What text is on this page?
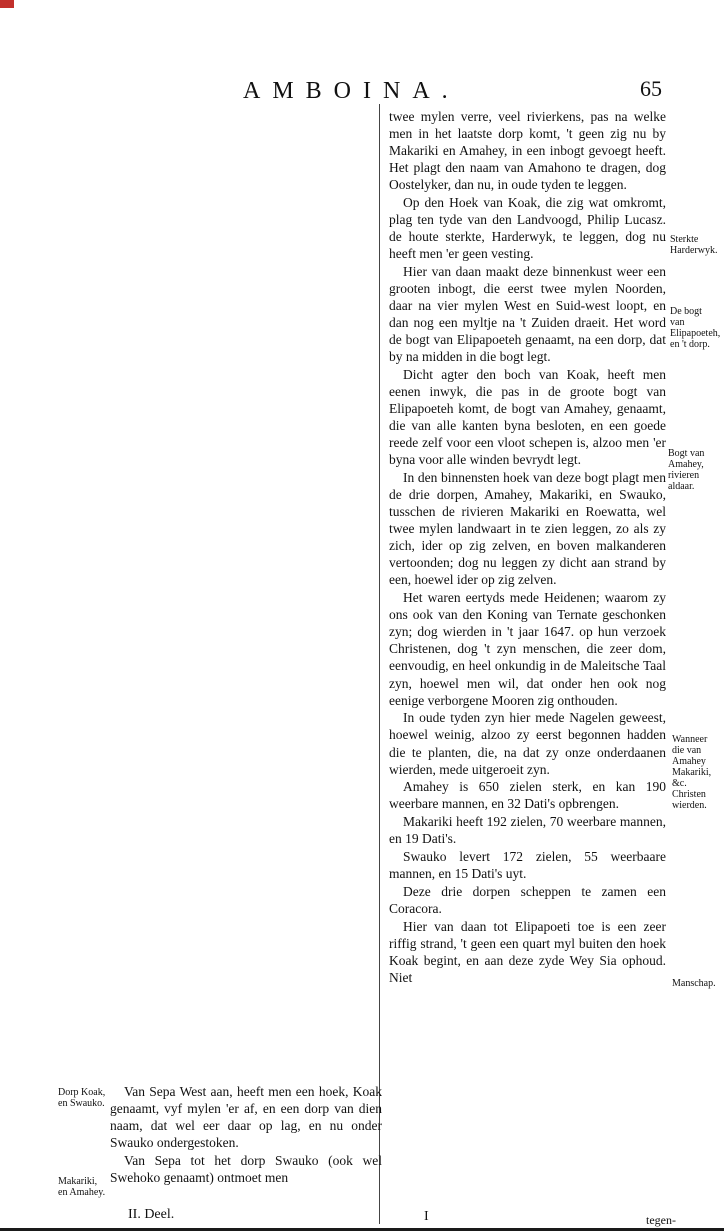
AMBOINA.	65

twee mylen verre, veel rivierkens, pas na welke men in het laatste dorp komt, 't geen zig nu by Makariki en Amahey, in een inbogt gevoegt heeft. Het plagt den naam van Amahono te dragen, dog Oostelyker, dan nu, in oude tyden te leggen.

Op den Hoek van Koak, die zig wat omkromt, plag ten tyde van den Landvoogd, Philip Lucasz. de houte sterkte, Harderwyk, te leggen, dog nu heeft men 'er geen vesting.

Hier van daan maakt deze binnenkust weer een grooten inbogt, die eerst twee mylen Noorden, daar na vier mylen West en Suid-west loopt, en dan nog een myltje na 't Zuiden draeit. Het word de bogt van Elipapoeteh genaamt, na een dorp, dat by na midden in die bogt legt.

Dicht agter den boch van Koak, heeft men eenen inwyk, die pas in de groote bogt van Elipapoeteh komt, de bogt van Amahey, genaamt, die van alle kanten byna besloten, en een goede reede zelf voor een vloot schepen is, alzoo men 'er byna voor alle winden bevrydt legt.

In den binnensten hoek van deze bogt plagt men de drie dorpen, Amahey, Makariki, en Swauko, tusschen de rivieren Makariki en Roewatta, wel twee mylen landwaart in te zien leggen, zo als zy zich, ider op zig zelven, en boven malkanderen vertoonden; dog nu leggen zy dicht aan strand by een, hoewel ider op zig zelven.

Het waren eertyds mede Heidenen; waarom zy ons ook van den Koning van Ternate geschonken zyn; dog wierden in 't jaar 1647. op hun verzoek Christenen, dog 't zyn menschen, die zeer dom, eenvoudig, en heel onkundig in de Maleitsche Taal zyn, hoewel men wil, dat onder hen ook nog eenige verborgene Mooren zig onthouden.

In oude tyden zyn hier mede Nagelen geweest, hoewel weinig, alzoo zy eerst begonnen hadden die te planten, die, na dat zy onze onderdaanen wierden, mede uitgeroeit zyn.

Amahey is 650 zielen sterk, en kan 190 weerbare mannen, en 32 Dati's opbrengen.

Makariki heeft 192 zielen, 70 weerbare mannen, en 19 Dati's.

Swauko levert 172 zielen, 55 weerbaare mannen, en 15 Dati's uyt.

Deze drie dorpen scheppen te zamen een Coracora.

Hier van daan tot Elipapoeti toe is een zeer riffig strand, 't geen een quart myl buiten den hoek Koak begint, en aan deze zyde Wey Sia ophoud. Niet

Van Sepa West aan, heeft men een hoek, Koak genaamt, vyf mylen 'er af, en een dorp van dien naam, dat wel eer daar op lag, en nu onder Swauko ondergestoken.

Van Sepa tot het dorp Swauko (ook wel Swehoko genaamt) ontmoet men

Sterkte Harderwyk.
De bogt van Elipapoeteh, en 't dorp.
Bogt van Amahey, rivieren aldaar.
Wanneer die van Amahey Makariki, &c. Christen wierden.
Manschap.
Dorp Koak, en Swauko.
Makariki, en Amahey.
II. Deel.	I	tegen-
